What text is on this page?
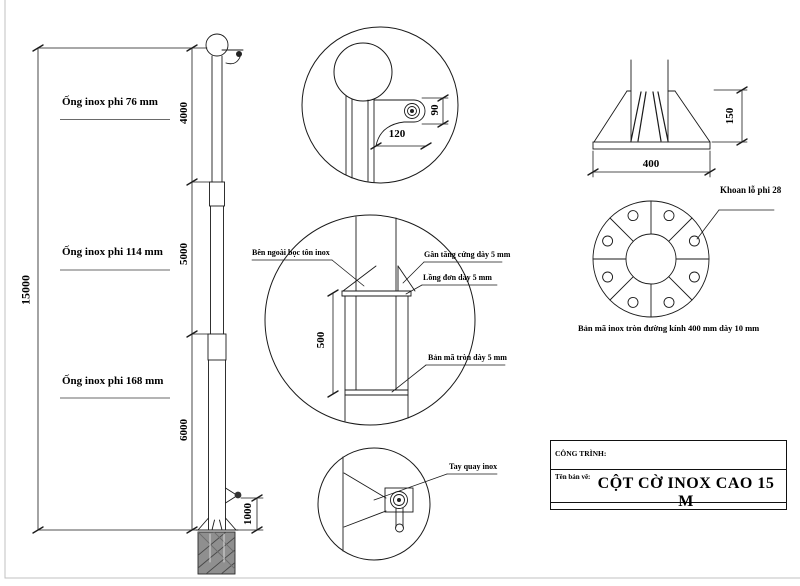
Ống inox phi 76 mm
Ống inox phi 114 mm
Ống inox phi 168 mm
15000
4000
5000
6000
1000
120
90
Bên ngoài bọc tôn inox	Gân tăng cứng dày 5 mm
Lồng đơn dày 5 mm
Bản mã tròn dày 5 mm
500
Tay quay inox
400
150
Khoan lỗ phi 28
Bản mã inox tròn đường kính 400 mm dày 10 mm
CÔNG TRÌNH:
Tên bản vẽ: CỘT CỜ INOX CAO 15 M
